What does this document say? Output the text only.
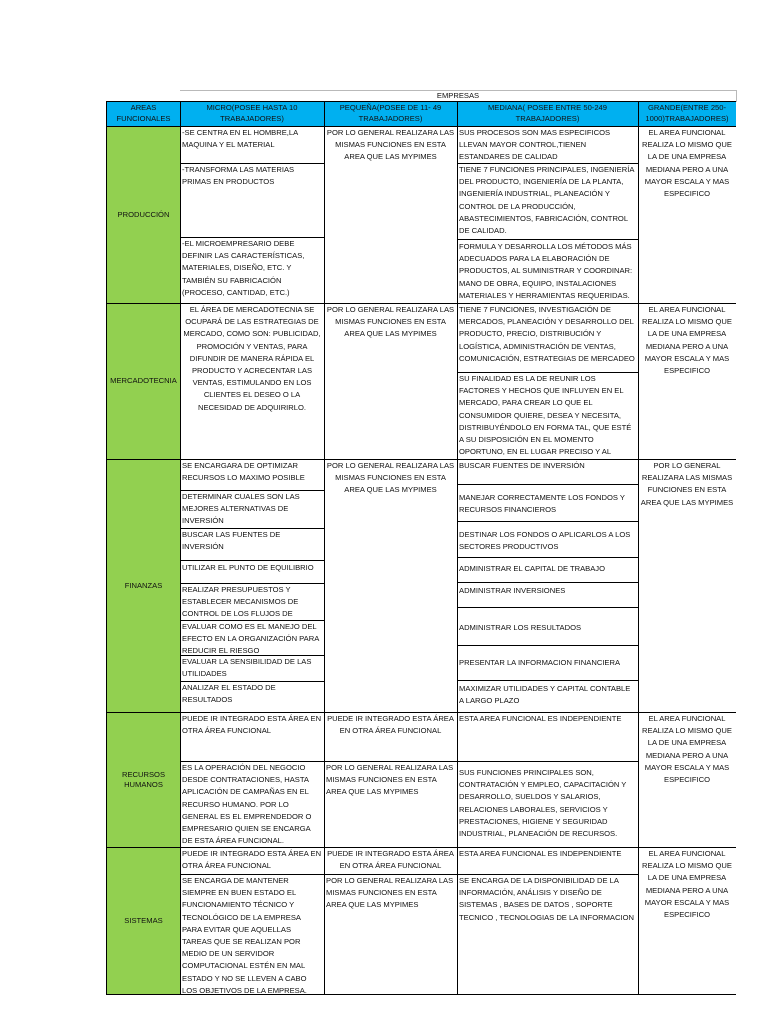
EMPRESAS
AREAS FUNCIONALES
MICRO(POSEE HASTA 10 TRABAJADORES)
PEQUEÑA(POSEE DE 11- 49 TRABAJADORES)
MEDIANA( POSEE ENTRE 50-249 TRABAJADORES)
GRANDE(ENTRE 250-1000)TRABAJADORES)
PRODUCCIÓN
MERCADOTECNIA
FINANZAS
RECURSOS HUMANOS
SISTEMAS
-SE CENTRA EN EL HOMBRE,LA MAQUINA Y EL MATERIAL
-TRANSFORMA LAS MATERIAS PRIMAS EN PRODUCTOS
-EL MICROEMPRESARIO DEBE DEFINIR LAS CARACTERÍSTICAS, MATERIALES, DISEÑO, ETC. Y TAMBIÉN SU FABRICACIÓN (PROCESO, CANTIDAD, ETC.)
POR LO GENERAL REALIZARA LAS MISMAS FUNCIONES EN ESTA AREA QUE LAS MYPIMES
SUS PROCESOS SON MAS ESPECIFICOS LLEVAN MAYOR CONTROL,TIENEN ESTANDARES DE CALIDAD
TIENE 7 FUNCIONES PRINCIPALES, INGENIERÍA DEL PRODUCTO, INGENIERÍA DE LA PLANTA, INGENIERÍA INDUSTRIAL, PLANEACIÓN Y CONTROL DE LA PRODUCCIÓN, ABASTECIMIENTOS, FABRICACIÓN, CONTROL DE CALIDAD.
FORMULA Y DESARROLLA LOS MÉTODOS MÁS ADECUADOS PARA LA ELABORACIÓN DE PRODUCTOS, AL SUMINISTRAR Y COORDINAR: MANO DE OBRA, EQUIPO, INSTALACIONES MATERIALES Y HERRAMIENTAS REQUERIDAS.
EL AREA FUNCIONAL REALIZA LO MISMO QUE LA DE UNA EMPRESA MEDIANA PERO A UNA MAYOR ESCALA Y MAS ESPECIFICO
EL ÁREA DE MERCADOTECNIA SE OCUPARÁ DE LAS ESTRATEGIAS DE MERCADO, COMO SON: PUBLICIDAD, PROMOCIÓN Y VENTAS, PARA DIFUNDIR DE MANERA RÁPIDA EL PRODUCTO Y ACRECENTAR LAS VENTAS, ESTIMULANDO EN LOS CLIENTES EL DESEO O LA NECESIDAD DE ADQUIRIRLO.
POR LO GENERAL REALIZARA LAS MISMAS FUNCIONES EN ESTA AREA QUE LAS MYPIMES
TIENE 7 FUNCIONES, INVESTIGACIÓN DE MERCADOS, PLANEACIÓN Y DESARROLLO DEL PRODUCTO, PRECIO, DISTRIBUCIÓN Y LOGÍSTICA, ADMINISTRACIÓN DE VENTAS, COMUNICACIÓN, ESTRATEGIAS DE MERCADEO
SU FINALIDAD ES LA DE REUNIR LOS FACTORES Y HECHOS QUE INFLUYEN EN EL MERCADO, PARA CREAR LO QUE EL CONSUMIDOR QUIERE, DESEA Y NECESITA, DISTRIBUYÉNDOLO EN FORMA TAL, QUE ESTÉ A SU DISPOSICIÓN EN EL MOMENTO OPORTUNO, EN EL LUGAR PRECISO Y AL
EL AREA FUNCIONAL REALIZA LO MISMO QUE LA DE UNA EMPRESA MEDIANA PERO A UNA MAYOR ESCALA Y MAS ESPECIFICO
SE ENCARGARA DE OPTIMIZAR RECURSOS LO MAXIMO POSIBLE
DETERMINAR CUALES SON LAS MEJORES ALTERNATIVAS DE INVERSIÓN
BUSCAR LAS FUENTES DE INVERSIÓN
UTILIZAR EL PUNTO DE EQUILIBRIO
REALIZAR PRESUPUESTOS Y ESTABLECER MECANISMOS DE CONTROL DE LOS FLUJOS DE
EVALUAR COMO ES EL MANEJO DEL EFECTO EN LA ORGANIZACIÓN PARA REDUCIR EL RIESGO
EVALUAR LA SENSIBILIDAD DE LAS UTILIDADES
ANALIZAR EL ESTADO DE RESULTADOS
POR LO GENERAL REALIZARA LAS MISMAS FUNCIONES EN ESTA AREA QUE LAS MYPIMES
BUSCAR FUENTES DE INVERSIÓN
MANEJAR CORRECTAMENTE LOS FONDOS Y RECURSOS FINANCIEROS
DESTINAR LOS FONDOS O APLICARLOS A LOS SECTORES PRODUCTIVOS
ADMINISTRAR EL CAPITAL DE TRABAJO
ADMINISTRAR INVERSIONES
ADMINISTRAR LOS RESULTADOS
PRESENTAR LA INFORMACION FINANCIERA
MAXIMIZAR UTILIDADES Y CAPITAL CONTABLE A LARGO PLAZO
POR LO GENERAL REALIZARA LAS MISMAS FUNCIONES EN ESTA AREA QUE LAS MYPIMES
PUEDE IR INTEGRADO ESTA ÁREA EN OTRA ÁREA FUNCIONAL
ES LA OPERACIÓN DEL NEGOCIO DESDE CONTRATACIONES, HASTA APLICACIÓN DE CAMPAÑAS EN EL RECURSO HUMANO. POR LO GENERAL ES EL EMPRENDEDOR O EMPRESARIO QUIEN SE ENCARGA DE ESTA ÁREA FUNCIONAL.
PUEDE IR INTEGRADO ESTA ÁREA EN OTRA ÁREA FUNCIONAL
POR LO GENERAL REALIZARA LAS MISMAS FUNCIONES EN ESTA AREA QUE LAS MYPIMES
ESTA AREA FUNCIONAL ES INDEPENDIENTE
SUS FUNCIONES PRINCIPALES SON, CONTRATACIÓN Y EMPLEO, CAPACITACIÓN Y DESARROLLO, SUELDOS Y SALARIOS, RELACIONES LABORALES, SERVICIOS Y PRESTACIONES, HIGIENE Y SEGURIDAD INDUSTRIAL, PLANEACIÓN DE RECURSOS.
EL AREA FUNCIONAL REALIZA LO MISMO QUE LA DE UNA EMPRESA MEDIANA PERO A UNA MAYOR ESCALA Y MAS ESPECIFICO
PUEDE IR INTEGRADO ESTA ÁREA EN OTRA ÁREA FUNCIONAL
SE ENCARGA DE MANTENER SIEMPRE EN BUEN ESTADO EL FUNCIONAMIENTO TÉCNICO Y TECNOLÓGICO DE LA EMPRESA PARA EVITAR QUE AQUELLAS TAREAS QUE SE REALIZAN POR MEDIO DE UN SERVIDOR COMPUTACIONAL ESTÉN EN MAL ESTADO Y NO SE LLEVEN A CABO LOS OBJETIVOS DE LA EMPRESA.
PUEDE IR INTEGRADO ESTA ÁREA EN OTRA ÁREA FUNCIONAL
POR LO GENERAL REALIZARA LAS MISMAS FUNCIONES EN ESTA AREA QUE LAS MYPIMES
ESTA AREA FUNCIONAL ES INDEPENDIENTE
SE ENCARGA DE LA DISPONIBILIDAD DE LA INFORMACIÓN, ANÁLISIS Y DISEÑO DE SISTEMAS , BASES DE DATOS , SOPORTE TECNICO , TECNOLOGIAS DE LA INFORMACION
EL AREA FUNCIONAL REALIZA LO MISMO QUE LA DE UNA EMPRESA MEDIANA PERO A UNA MAYOR ESCALA Y MAS ESPECIFICO
